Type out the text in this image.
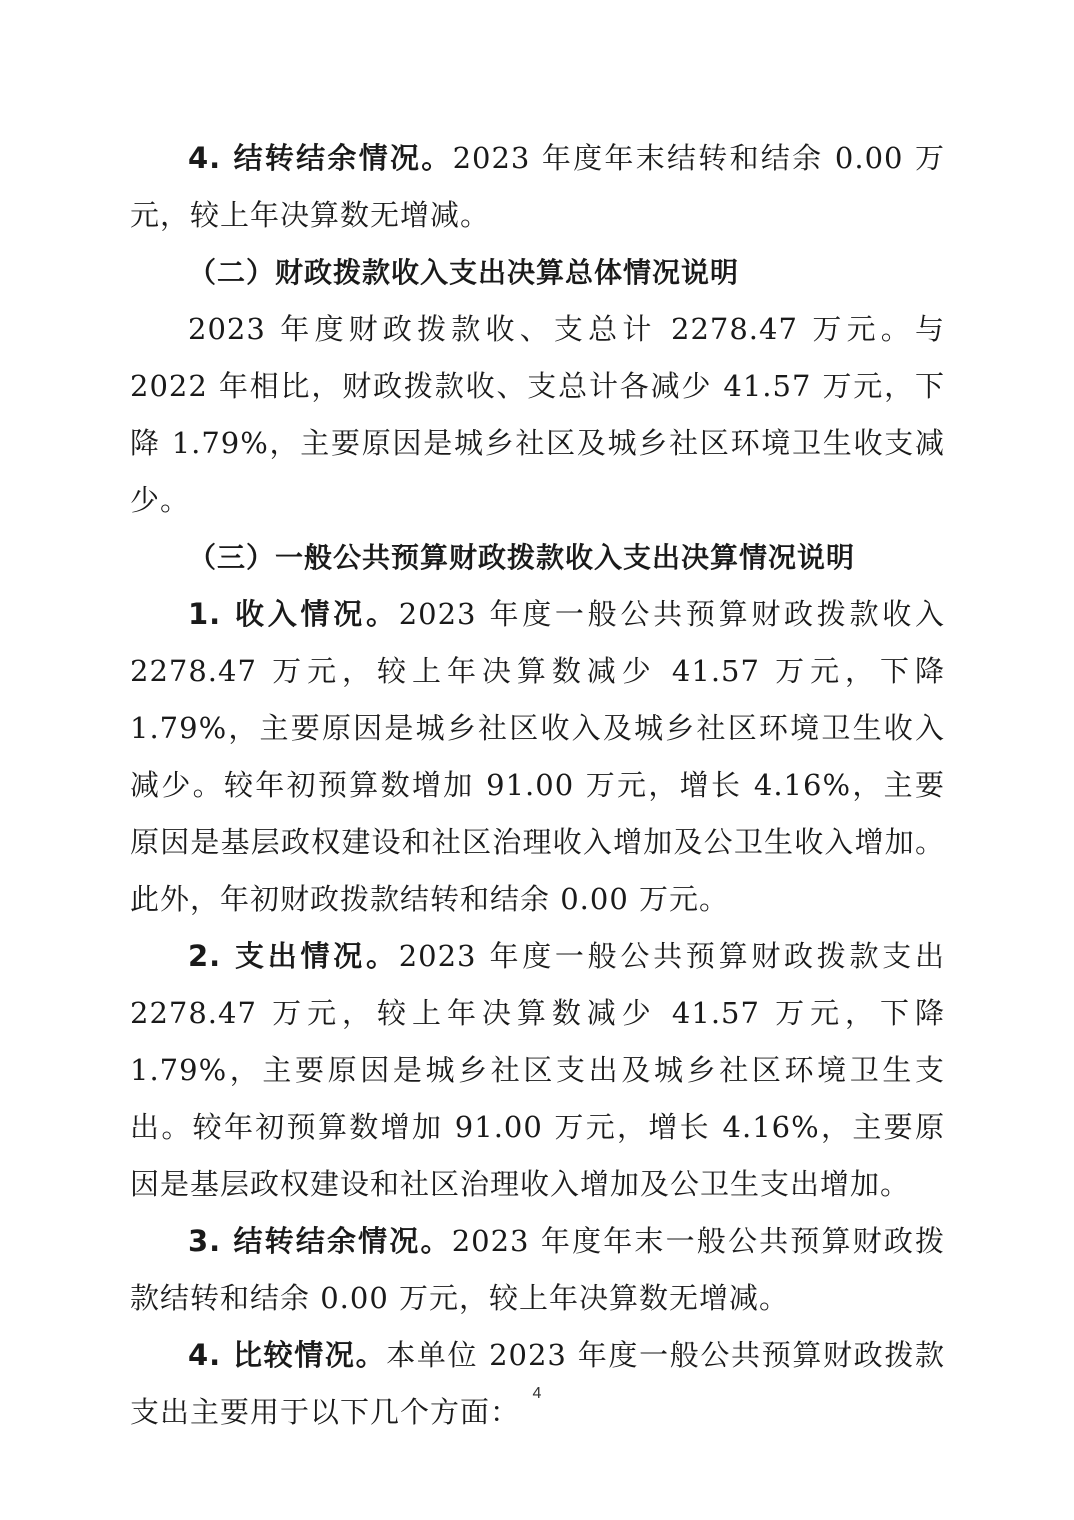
4. 结转结余情况。2023 年度年末结转和结余 0.00 万元，较上年决算数无增减。

（二）财政拨款收入支出决算总体情况说明

2023 年度财政拨款收、支总计 2278.47 万元。与 2022 年相比，财政拨款收、支总计各减少 41.57 万元，下降 1.79%，主要原因是城乡社区及城乡社区环境卫生收支减少。

（三）一般公共预算财政拨款收入支出决算情况说明

1. 收入情况。2023 年度一般公共预算财政拨款收入 2278.47 万元，较上年决算数减少 41.57 万元，下降 1.79%，主要原因是城乡社区收入及城乡社区环境卫生收入减少。较年初预算数增加 91.00 万元，增长 4.16%，主要原因是基层政权建设和社区治理收入增加及公卫生收入增加。此外，年初财政拨款结转和结余 0.00 万元。

2. 支出情况。2023 年度一般公共预算财政拨款支出 2278.47 万元，较上年决算数减少 41.57 万元，下降 1.79%，主要原因是城乡社区支出及城乡社区环境卫生支出。较年初预算数增加 91.00 万元，增长 4.16%，主要原因是基层政权建设和社区治理收入增加及公卫生支出增加。

3. 结转结余情况。2023 年度年末一般公共预算财政拨款结转和结余 0.00 万元，较上年决算数无增减。

4. 比较情况。本单位 2023 年度一般公共预算财政拨款支出主要用于以下几个方面：

4
